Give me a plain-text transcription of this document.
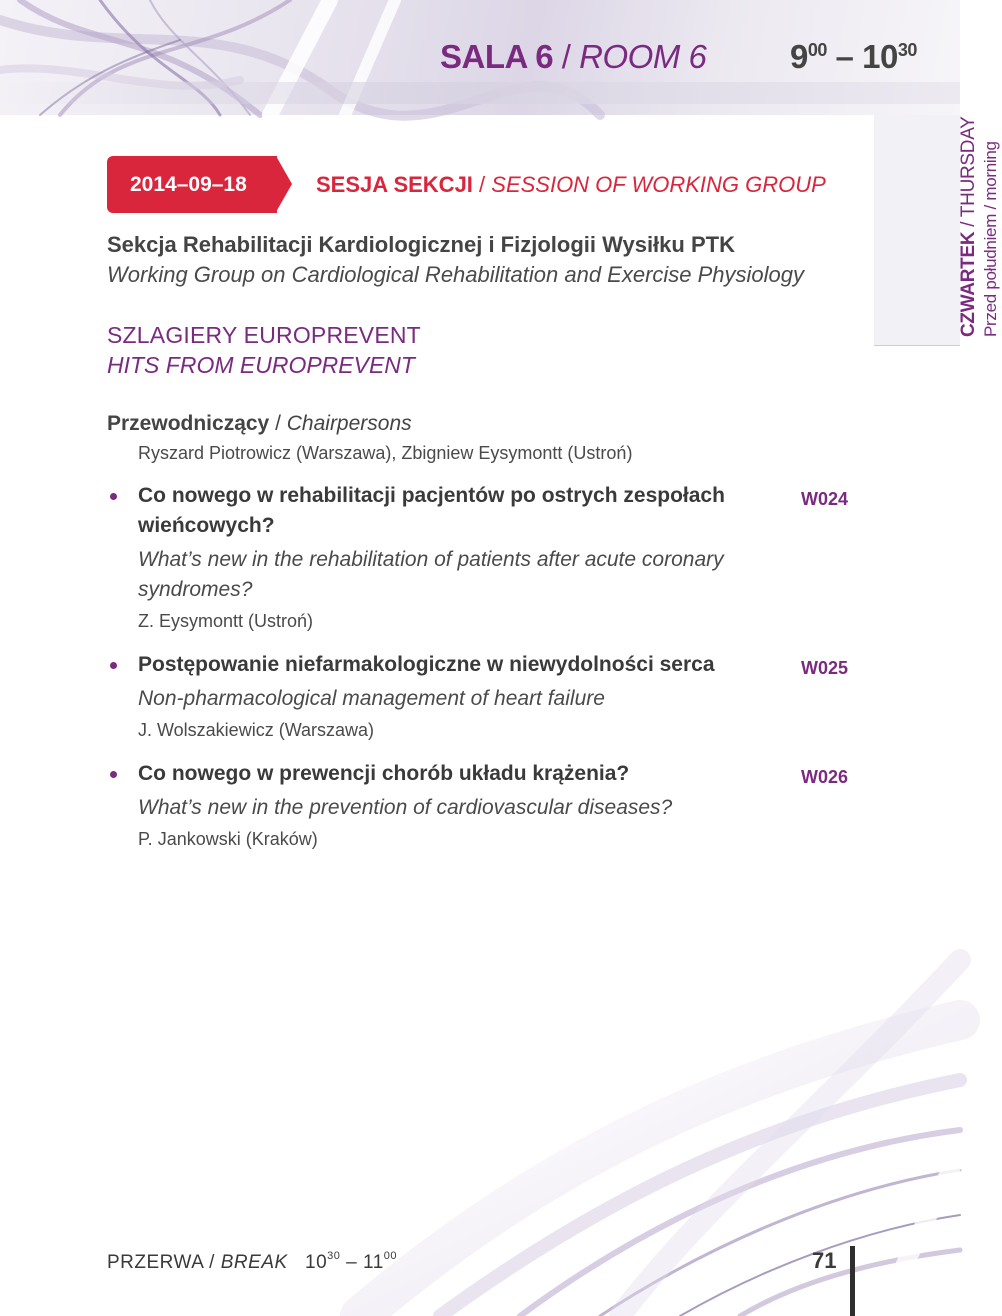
SALA 6 / ROOM 6	$9^{00} - 10^{30}$
CZWARTEK / THURSDAY Przed południem / morning
2014–09–18	SESJA SEKCJI / SESSION OF WORKING GROUP
Sekcja Rehabilitacji Kardiologicznej i Fizjologii Wysiłku PTK
Working Group on Cardiological Rehabilitation and Exercise Physiology
SZLAGIERY EUROPREVENT
HITS FROM EUROPREVENT
Przewodniczący / Chairpersons
Ryszard Piotrowicz (Warszawa), Zbigniew Eysymontt (Ustroń)
Co nowego w rehabilitacji pacjentów po ostrych zespołach
wieńcowych?
What’s new in the rehabilitation of patients after acute coronary
syndromes?
Z. Eysymontt (Ustroń)
W024
Postępowanie niefarmakologiczne w niewydolności serca
Non-pharmacological management of heart failure
J. Wolszakiewicz (Warszawa)
W025
Co nowego w prewencji chorób układu krążenia?
What’s new in the prevention of cardiovascular diseases?
P. Jankowski (Kraków)
W026
PRZERWA / BREAK $10^{30} - 11^{00}$	71
